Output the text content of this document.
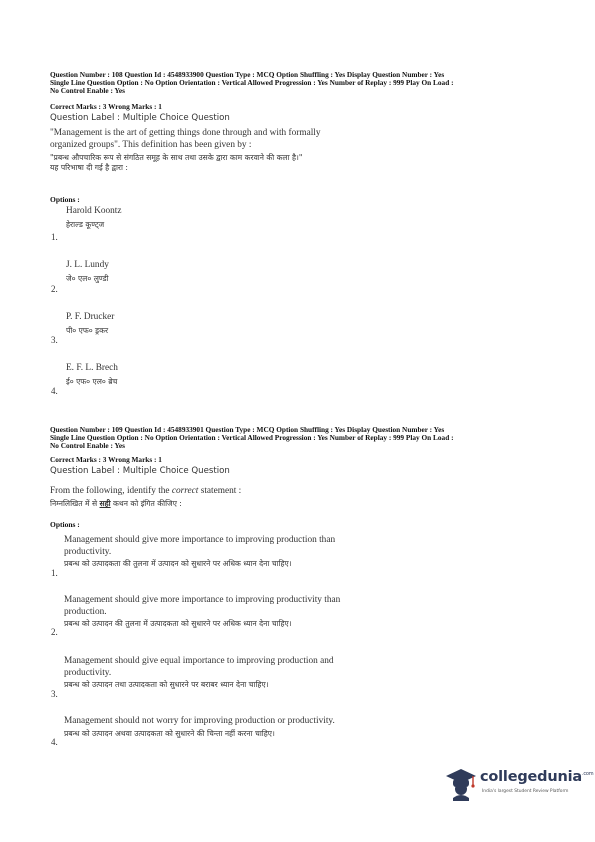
Question Number : 108 Question Id : 4548933900 Question Type : MCQ Option Shuffling : Yes Display Question Number : Yes
Single Line Question Option : No Option Orientation : Vertical Allowed Progression : Yes Number of Replay : 999 Play On Load :
No Control Enable : Yes
Correct Marks : 3 Wrong Marks : 1
Question Label : Multiple Choice Question
"Management is the art of getting things done through and with formally
organized groups". This definition has been given by :
"प्रबन्ध औपचारिक रूप से संगठित समूह के साथ तथा उसके द्वारा काम करवाने की कला है।"
यह परिभाषा दी गई है द्वारा :
Options :
Harold Koontz
हेराल्ड कूण्ट्ज
1.
J. L. Lundy
जे० एल० लुण्डी
2.
P. F. Drucker
पी० एफ० ड्रकर
3.
E. F. L. Brech
ई० एफ० एल० ब्रेच
4.
Question Number : 109 Question Id : 4548933901 Question Type : MCQ Option Shuffling : Yes Display Question Number : Yes
Single Line Question Option : No Option Orientation : Vertical Allowed Progression : Yes Number of Replay : 999 Play On Load :
No Control Enable : Yes
Correct Marks : 3 Wrong Marks : 1
Question Label : Multiple Choice Question
From the following, identify the correct statement :
निम्नलिखित में से सही कथन को इंगित कीजिए :
Options :
Management should give more importance to improving production than
productivity.
प्रबन्ध को उत्पादकता की तुलना में उत्पादन को सुधारने पर अधिक ध्यान देना चाहिए।
1.
Management should give more importance to improving productivity than
production.
प्रबन्ध को उत्पादन की तुलना में उत्पादकता को सुधारने पर अधिक ध्यान देना चाहिए।
2.
Management should give equal importance to improving production and
productivity.
प्रबन्ध को उत्पादन तथा उत्पादकता को सुधारने पर बराबर ध्यान देना चाहिए।
3.
Management should not worry for improving production or productivity.
प्रबन्ध को उत्पादन अथवा उत्पादकता को सुधारने की चिन्ता नहीं करना चाहिए।
4.
collegedunia$^{.com}$
India's largest Student Review Platform
